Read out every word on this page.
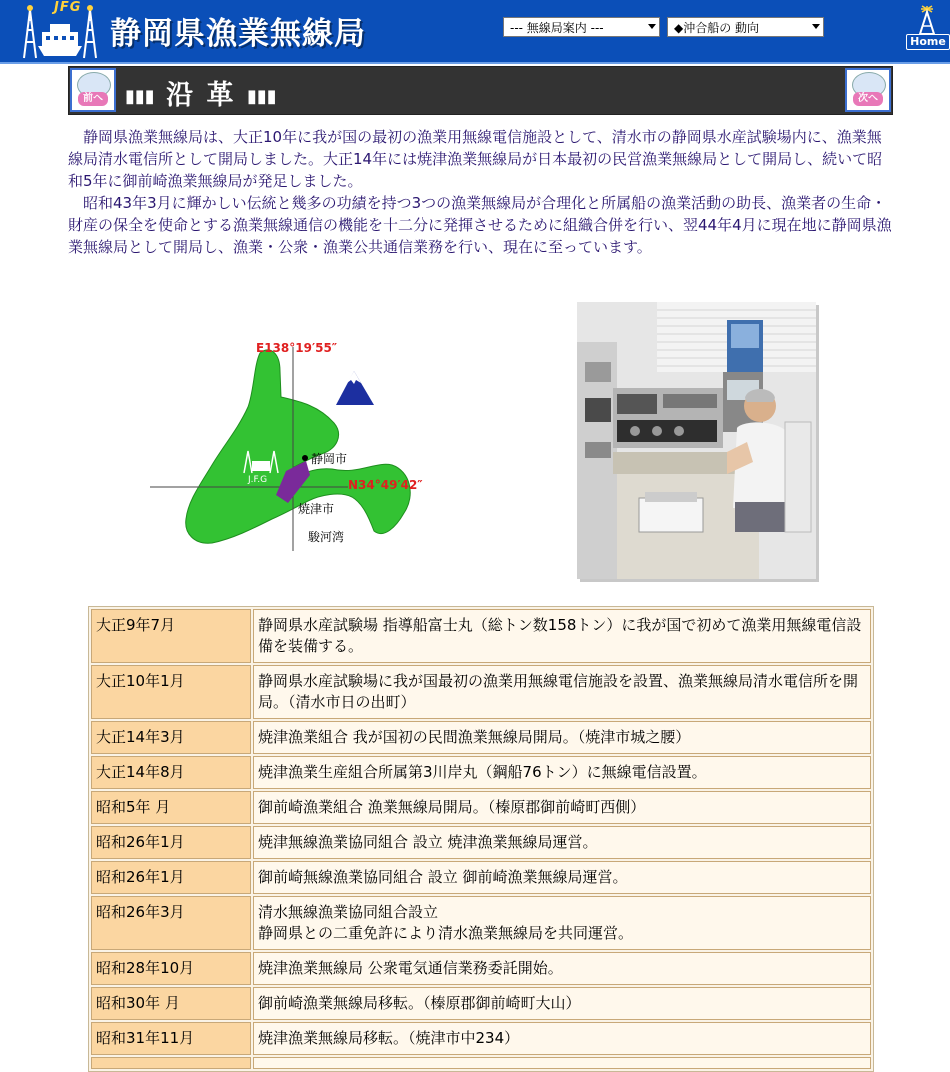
JFG
静岡県漁業無線局	--- 無線局案内 ---	◆沖合船の 動向
Home
前へ ▮▮▮ 沿 革 ▮▮▮	次へ

静岡県漁業無線局は、大正10年に我が国の最初の漁業用無線電信施設として、清水市の静岡県水産試験場内に、漁業無線局清水電信所として開局しました。大正14年には焼津漁業無線局が日本最初の民営漁業無線局として開局し、続いて昭和5年に御前崎漁業無線局が発足しました。

昭和43年3月に輝かしい伝統と幾多の功績を持つ3つの漁業無線局が合理化と所属船の漁業活動の助長、漁業者の生命・財産の保全を使命とする漁業無線通信の機能を十二分に発揮させるために組織合併を行い、翌44年4月に現在地に静岡県漁業無線局として開局し、漁業・公衆・漁業公共通信業務を行い、現在に至っています。

E138°19′55″
N34°49′42″
静岡市
焼津市
駿河湾
J.F.G
大正9年7月	静岡県水産試験場 指導船富士丸（総トン数158トン）に我が国で初めて漁業用無線電信設備を装備する。
大正10年1月	静岡県水産試験場に我が国最初の漁業用無線電信施設を設置、漁業無線局清水電信所を開局。（清水市日の出町）
大正14年3月	焼津漁業組合 我が国初の民間漁業無線局開局。（焼津市城之腰）
大正14年8月	焼津漁業生産組合所属第3川岸丸（鋼船76トン）に無線電信設置。
昭和5年 月	御前崎漁業組合 漁業無線局開局。（榛原郡御前崎町西側）
昭和26年1月	焼津無線漁業協同組合 設立 焼津漁業無線局運営。
昭和26年1月	御前崎無線漁業協同組合 設立 御前崎漁業無線局運営。
昭和26年3月	清水無線漁業協同組合設立
静岡県との二重免許により清水漁業無線局を共同運営。
昭和28年10月	焼津漁業無線局 公衆電気通信業務委託開始。
昭和30年 月	御前崎漁業無線局移転。（榛原郡御前崎町大山）
昭和31年11月	焼津漁業無線局移転。（焼津市中234）
